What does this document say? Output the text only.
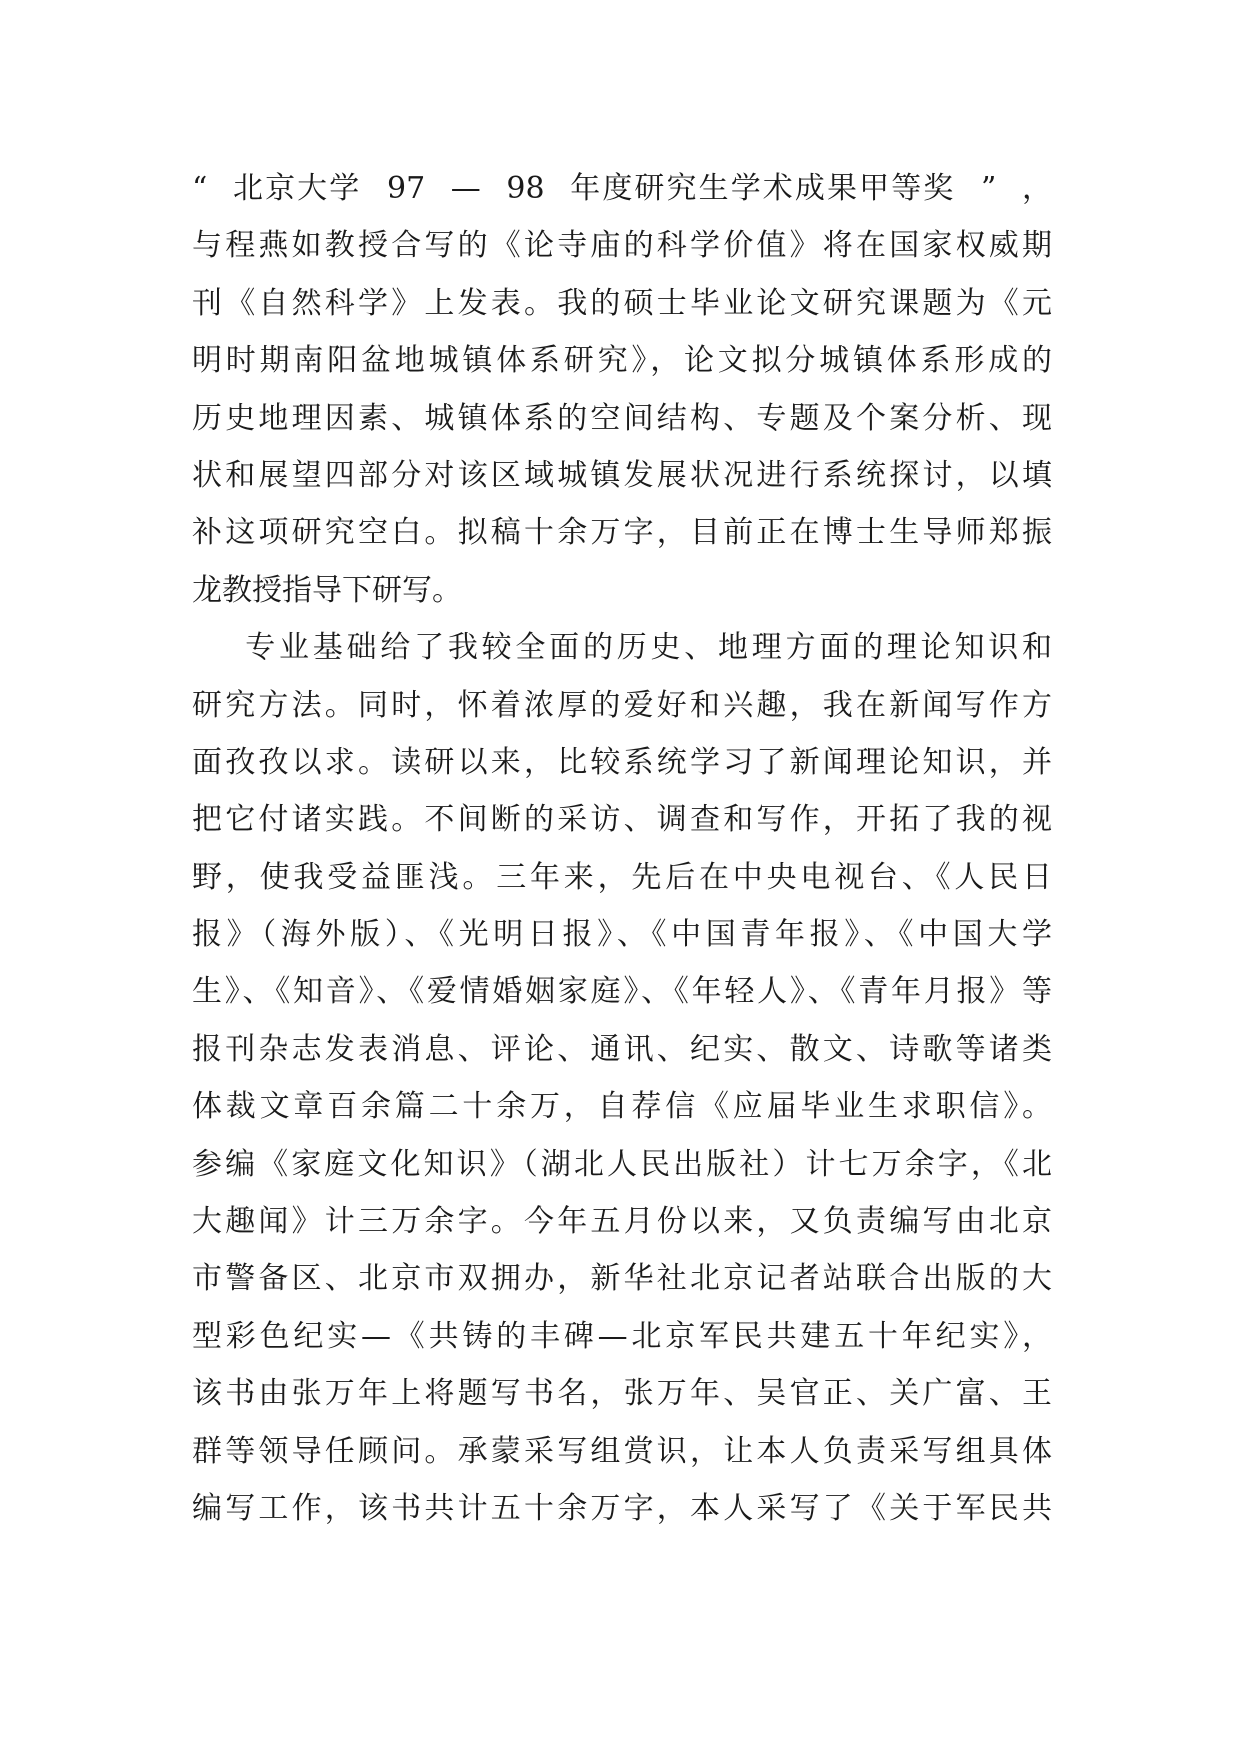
“ 北京大学 97 — 98 年度研究生学术成果甲等奖 ” ，
与程燕如教授合写的《论寺庙的科学价值》将在国家权威期
刊《自然科学》上发表。我的硕士毕业论文研究课题为《元
明时期南阳盆地城镇体系研究》，论文拟分城镇体系形成的
历史地理因素、城镇体系的空间结构、专题及个案分析、现
状和展望四部分对该区域城镇发展状况进行系统探讨，以填
补这项研究空白。拟稿十余万字，目前正在博士生导师郑振
龙教授指导下研写。
专业基础给了我较全面的历史、地理方面的理论知识和
研究方法。同时，怀着浓厚的爱好和兴趣，我在新闻写作方
面孜孜以求。读研以来，比较系统学习了新闻理论知识，并
把它付诸实践。不间断的采访、调查和写作，开拓了我的视
野，使我受益匪浅。三年来，先后在中央电视台、《人民日
报》（海外版）、《光明日报》、《中国青年报》、《中国大学
生》、《知音》、《爱情婚姻家庭》、《年轻人》、《青年月报》等
报刊杂志发表消息、评论、通讯、纪实、散文、诗歌等诸类
体裁文章百余篇二十余万，自荐信《应届毕业生求职信》。
参编《家庭文化知识》（湖北人民出版社）计七万余字，《北
大趣闻》计三万余字。今年五月份以来，又负责编写由北京
市警备区、北京市双拥办，新华社北京记者站联合出版的大
型彩色纪实—《共铸的丰碑—北京军民共建五十年纪实》，
该书由张万年上将题写书名，张万年、吴官正、关广富、王
群等领导任顾问。承蒙采写组赏识，让本人负责采写组具体
编写工作，该书共计五十余万字，本人采写了《关于军民共
